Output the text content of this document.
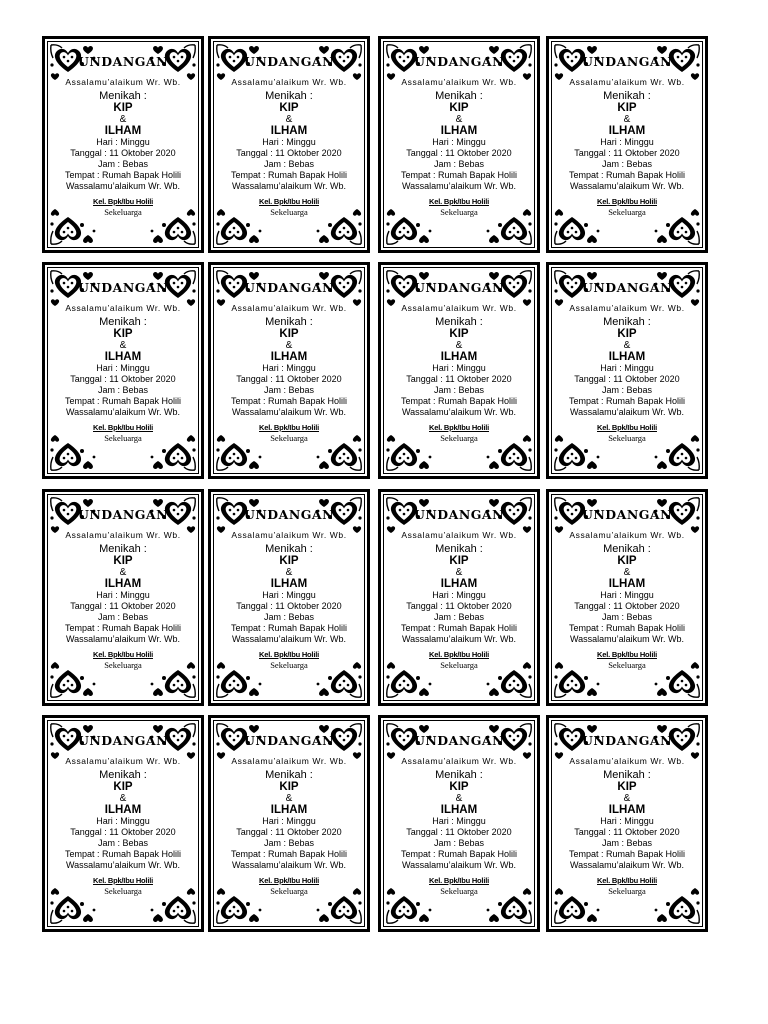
UNDANGAN
Assalamu’alaikum Wr. Wb.
Menikah :
KIP
&
ILHAM
Hari : Minggu
Tanggal : 11 Oktober 2020
Jam : Bebas
Tempat : Rumah Bapak Holili
Wassalamu’alaikum Wr. Wb.
Kel. Bpk/Ibu Holili
Sekeluarga
UNDANGAN
Assalamu’alaikum Wr. Wb.
Menikah :
KIP
&
ILHAM
Hari : Minggu
Tanggal : 11 Oktober 2020
Jam : Bebas
Tempat : Rumah Bapak Holili
Wassalamu’alaikum Wr. Wb.
Kel. Bpk/Ibu Holili
Sekeluarga
UNDANGAN
Assalamu’alaikum Wr. Wb.
Menikah :
KIP
&
ILHAM
Hari : Minggu
Tanggal : 11 Oktober 2020
Jam : Bebas
Tempat : Rumah Bapak Holili
Wassalamu’alaikum Wr. Wb.
Kel. Bpk/Ibu Holili
Sekeluarga
UNDANGAN
Assalamu’alaikum Wr. Wb.
Menikah :
KIP
&
ILHAM
Hari : Minggu
Tanggal : 11 Oktober 2020
Jam : Bebas
Tempat : Rumah Bapak Holili
Wassalamu’alaikum Wr. Wb.
Kel. Bpk/Ibu Holili
Sekeluarga
UNDANGAN
Assalamu’alaikum Wr. Wb.
Menikah :
KIP
&
ILHAM
Hari : Minggu
Tanggal : 11 Oktober 2020
Jam : Bebas
Tempat : Rumah Bapak Holili
Wassalamu’alaikum Wr. Wb.
Kel. Bpk/Ibu Holili
Sekeluarga
UNDANGAN
Assalamu’alaikum Wr. Wb.
Menikah :
KIP
&
ILHAM
Hari : Minggu
Tanggal : 11 Oktober 2020
Jam : Bebas
Tempat : Rumah Bapak Holili
Wassalamu’alaikum Wr. Wb.
Kel. Bpk/Ibu Holili
Sekeluarga
UNDANGAN
Assalamu’alaikum Wr. Wb.
Menikah :
KIP
&
ILHAM
Hari : Minggu
Tanggal : 11 Oktober 2020
Jam : Bebas
Tempat : Rumah Bapak Holili
Wassalamu’alaikum Wr. Wb.
Kel. Bpk/Ibu Holili
Sekeluarga
UNDANGAN
Assalamu’alaikum Wr. Wb.
Menikah :
KIP
&
ILHAM
Hari : Minggu
Tanggal : 11 Oktober 2020
Jam : Bebas
Tempat : Rumah Bapak Holili
Wassalamu’alaikum Wr. Wb.
Kel. Bpk/Ibu Holili
Sekeluarga
UNDANGAN
Assalamu’alaikum Wr. Wb.
Menikah :
KIP
&
ILHAM
Hari : Minggu
Tanggal : 11 Oktober 2020
Jam : Bebas
Tempat : Rumah Bapak Holili
Wassalamu’alaikum Wr. Wb.
Kel. Bpk/Ibu Holili
Sekeluarga
UNDANGAN
Assalamu’alaikum Wr. Wb.
Menikah :
KIP
&
ILHAM
Hari : Minggu
Tanggal : 11 Oktober 2020
Jam : Bebas
Tempat : Rumah Bapak Holili
Wassalamu’alaikum Wr. Wb.
Kel. Bpk/Ibu Holili
Sekeluarga
UNDANGAN
Assalamu’alaikum Wr. Wb.
Menikah :
KIP
&
ILHAM
Hari : Minggu
Tanggal : 11 Oktober 2020
Jam : Bebas
Tempat : Rumah Bapak Holili
Wassalamu’alaikum Wr. Wb.
Kel. Bpk/Ibu Holili
Sekeluarga
UNDANGAN
Assalamu’alaikum Wr. Wb.
Menikah :
KIP
&
ILHAM
Hari : Minggu
Tanggal : 11 Oktober 2020
Jam : Bebas
Tempat : Rumah Bapak Holili
Wassalamu’alaikum Wr. Wb.
Kel. Bpk/Ibu Holili
Sekeluarga
UNDANGAN
Assalamu’alaikum Wr. Wb.
Menikah :
KIP
&
ILHAM
Hari : Minggu
Tanggal : 11 Oktober 2020
Jam : Bebas
Tempat : Rumah Bapak Holili
Wassalamu’alaikum Wr. Wb.
Kel. Bpk/Ibu Holili
Sekeluarga
UNDANGAN
Assalamu’alaikum Wr. Wb.
Menikah :
KIP
&
ILHAM
Hari : Minggu
Tanggal : 11 Oktober 2020
Jam : Bebas
Tempat : Rumah Bapak Holili
Wassalamu’alaikum Wr. Wb.
Kel. Bpk/Ibu Holili
Sekeluarga
UNDANGAN
Assalamu’alaikum Wr. Wb.
Menikah :
KIP
&
ILHAM
Hari : Minggu
Tanggal : 11 Oktober 2020
Jam : Bebas
Tempat : Rumah Bapak Holili
Wassalamu’alaikum Wr. Wb.
Kel. Bpk/Ibu Holili
Sekeluarga
UNDANGAN
Assalamu’alaikum Wr. Wb.
Menikah :
KIP
&
ILHAM
Hari : Minggu
Tanggal : 11 Oktober 2020
Jam : Bebas
Tempat : Rumah Bapak Holili
Wassalamu’alaikum Wr. Wb.
Kel. Bpk/Ibu Holili
Sekeluarga
